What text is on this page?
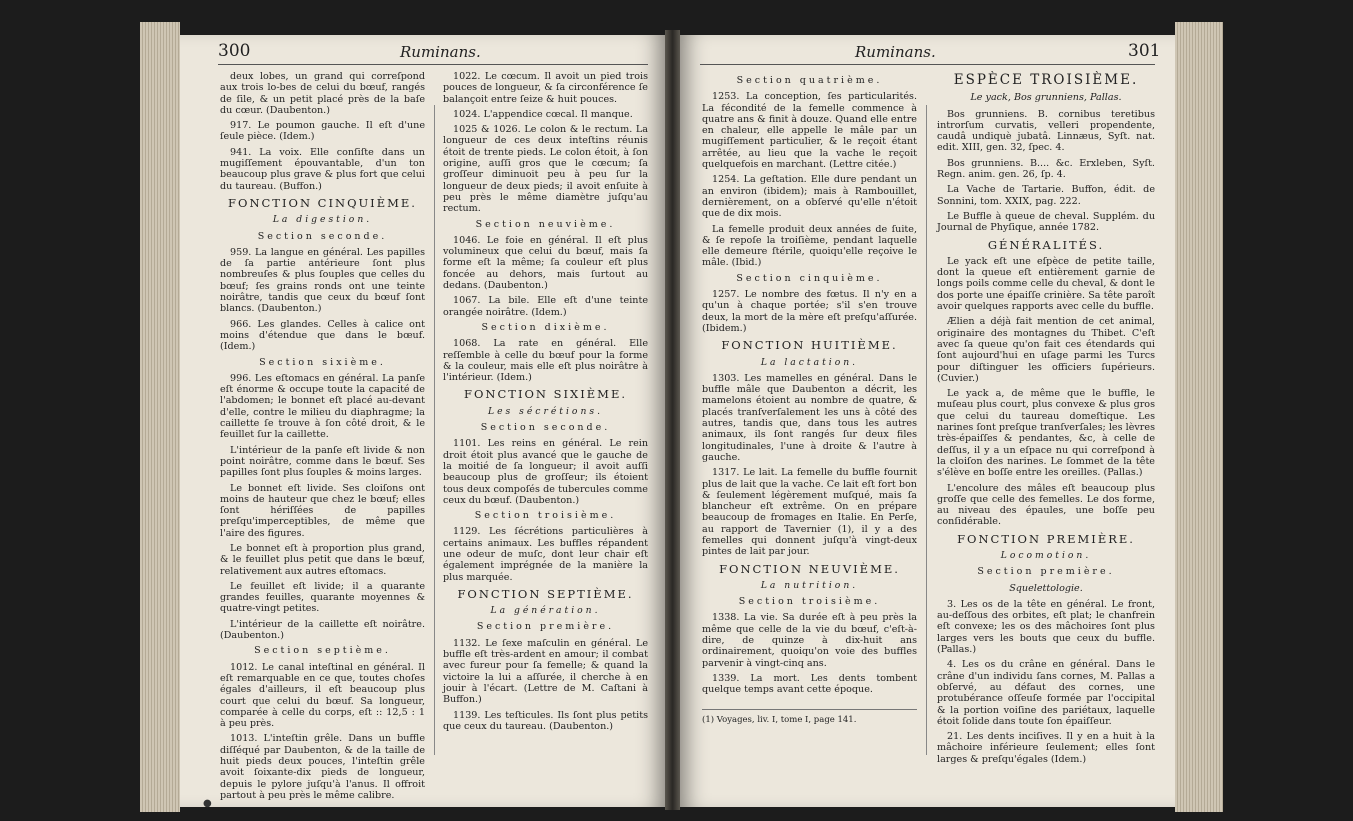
300	Ruminans.

deux lobes, un grand qui correſpond aux trois lo-bes de celui du bœuf, rangés de ſile, & un petit placé près de la baſe du cœur. (Daubenton.)

917. Le poumon gauche. Il eſt d'une ſeule pièce. (Idem.)

941. La voix. Elle conſiſte dans un mugiſſement épouvantable, d'un ton beaucoup plus grave & plus fort que celui du taureau. (Buffon.)

FONCTION CINQUIÈME.

La digestion.

Section seconde.

959. La langue en général. Les papilles de ſa partie antérieure ſont plus nombreuſes & plus ſouples que celles du bœuf; ſes grains ronds ont une teinte noirâtre, tandis que ceux du bœuf ſont blancs. (Daubenton.)

966. Les glandes. Celles à calice ont moins d'étendue que dans le bœuf. (Idem.)

Section sixième.

996. Les eſtomacs en général. La panſe eſt énorme & occupe toute la capacité de l'abdomen; le bonnet eſt placé au-devant d'elle, contre le milieu du diaphragme; la caillette ſe trouve à ſon côté droit, & le feuillet ſur la caillette.

L'intérieur de la panſe eſt livide & non point noirâtre, comme dans le bœuf. Ses papilles ſont plus ſouples & moins larges.

Le bonnet eſt livide. Ses cloiſons ont moins de hauteur que chez le bœuf; elles ſont hériſſées de papilles preſqu'imperceptibles, de même que l'aire des figures.

Le bonnet eſt à proportion plus grand, & le feuillet plus petit que dans le bœuf, relativement aux autres eſtomacs.

Le feuillet eſt livide; il a quarante grandes feuilles, quarante moyennes & quatre-vingt petites.

L'intérieur de la caillette eſt noirâtre. (Daubenton.)

Section septième.

1012. Le canal inteſtinal en général. Il eſt remarquable en ce que, toutes choſes égales d'ailleurs, il eſt beaucoup plus court que celui du bœuf. Sa longueur, comparée à celle du corps, eſt :: 12,5 : 1 à peu près.

1013. L'inteſtin grêle. Dans un buffle diſſéqué par Daubenton, & de la taille de huit pieds deux pouces, l'inteſtin grêle avoit ſoixante-dix pieds de longueur, depuis le pylore juſqu'à l'anus. Il offroit partout à peu près le même calibre.

1022. Le cœcum. Il avoit un pied trois pouces de longueur, & ſa circonférence ſe balançoit entre ſeize & huit pouces.

1024. L'appendice cœcal. Il manque.

1025 & 1026. Le colon & le rectum. La longueur de ces deux inteſtins réunis étoit de trente pieds. Le colon étoit, à ſon origine, auſſi gros que le cœcum; ſa groſſeur diminuoit peu à peu ſur la longueur de deux pieds; il avoit enſuite à peu près le même diamètre juſqu'au rectum.

Section neuvième.

1046. Le foie en général. Il eſt plus volumineux que celui du bœuf, mais ſa forme eſt la même; ſa couleur eſt plus foncée au dehors, mais ſurtout au dedans. (Daubenton.)

1067. La bile. Elle eſt d'une teinte orangée noirâtre. (Idem.)

Section dixième.

1068. La rate en général. Elle reſſemble à celle du bœuf pour la forme & la couleur, mais elle eſt plus noirâtre à l'intérieur. (Idem.)

FONCTION SIXIÈME.

Les sécrétions.

Section seconde.

1101. Les reins en général. Le rein droit étoit plus avancé que le gauche de la moitié de ſa longueur; il avoit auſſi beaucoup plus de groſſeur; ils étoient tous deux compoſés de tubercules comme ceux du bœuf. (Daubenton.)

Section troisième.

1129. Les ſécrétions particulières à certains animaux. Les buffles répandent une odeur de muſc, dont leur chair eſt également imprégnée de la manière la plus marquée.

FONCTION SEPTIÈME.

La génération.

Section première.

1132. Le ſexe maſculin en général. Le buffle eſt très-ardent en amour; il combat avec fureur pour ſa femelle; & quand la victoire la lui a aſſurée, il cherche à en jouir à l'écart. (Lettre de M. Caſtani à Buffon.)

1139. Les teſticules. Ils ſont plus petits que ceux du taureau. (Daubenton.)

Ruminans.	301

Section quatrième.

1253. La conception, ſes particularités. La fécondité de la femelle commence à quatre ans & finit à douze. Quand elle entre en chaleur, elle appelle le mâle par un mugiſſement particulier, & le reçoit étant arrêtée, au lieu que la vache le reçoit quelquefois en marchant. (Lettre citée.)

1254. La geſtation. Elle dure pendant un an environ (ibidem); mais à Rambouillet, dernièrement, on a obſervé qu'elle n'étoit que de dix mois.

La femelle produit deux années de ſuite, & ſe repoſe la troiſième, pendant laquelle elle demeure ſtérile, quoiqu'elle reçoive le mâle. (Ibid.)

Section cinquième.

1257. Le nombre des fœtus. Il n'y en a qu'un à chaque portée; s'il s'en trouve deux, la mort de la mère eſt preſqu'aſſurée. (Ibidem.)

FONCTION HUITIÈME.

La lactation.

1303. Les mamelles en général. Dans le buffle mâle que Daubenton a décrit, les mamelons étoient au nombre de quatre, & placés tranſverſalement les uns à côté des autres, tandis que, dans tous les autres animaux, ils ſont rangés ſur deux files longitudinales, l'une à droite & l'autre à gauche.

1317. Le lait. La femelle du buffle fournit plus de lait que la vache. Ce lait eſt fort bon & ſeulement légèrement muſqué, mais ſa blancheur eſt extrême. On en prépare beaucoup de fromages en Italie. En Perſe, au rapport de Tavernier (1), il y a des femelles qui donnent juſqu'à vingt-deux pintes de lait par jour.

FONCTION NEUVIÈME.

La nutrition.

Section troisième.

1338. La vie. Sa durée eſt à peu près la même que celle de la vie du bœuf, c'eſt-à-dire, de quinze à dix-huit ans ordinairement, quoiqu'on voie des buffles parvenir à vingt-cinq ans.

1339. La mort. Les dents tombent quelque temps avant cette époque.

ESPÈCE TROISIÈME.

Le yack, Bos grunniens, Pallas.

Bos grunniens. B. cornibus teretibus introrſum curvatis, velleri propendente, caudâ undiquè jubatâ. Linnæus, Syſt. nat. edit. XIII, gen. 32, ſpec. 4.

Bos grunniens. B.... &c. Erxleben, Syſt. Regn. anim. gen. 26, ſp. 4.

La Vache de Tartarie. Buffon, édit. de Sonnini, tom. XXIX, pag. 222.

Le Buffle à queue de cheval. Supplém. du Journal de Phyſique, année 1782.

GÉNÉRALITÉS.

Le yack eſt une eſpèce de petite taille, dont la queue eſt entièrement garnie de longs poils comme celle du cheval, & dont le dos porte une épaiſſe crinière. Sa tête paroît avoir quelques rapports avec celle du buffle.

Ælien a déjà fait mention de cet animal, originaire des montagnes du Thibet. C'eſt avec ſa queue qu'on fait ces étendards qui ſont aujourd'hui en uſage parmi les Turcs pour diſtinguer les officiers ſupérieurs. (Cuvier.)

Le yack a, de même que le buffle, le muſeau plus court, plus convexe & plus gros que celui du taureau domeſtique. Les narines ſont preſque tranſverſales; les lèvres très-épaiſſes & pendantes, &c, à celle de deſſus, il y a un eſpace nu qui correſpond à la cloiſon des narines. Le ſommet de la tête s'élève en boſſe entre les oreilles. (Pallas.)

L'encolure des mâles eſt beaucoup plus groſſe que celle des femelles. Le dos forme, au niveau des épaules, une boſſe peu conſidérable.

FONCTION PREMIÈRE.

Locomotion.

Section première.

Squelettologie.

3. Les os de la tête en général. Le front, au-deſſous des orbites, eſt plat; le chanfrein eſt convexe; les os des mâchoires ſont plus larges vers les bouts que ceux du buffle. (Pallas.)

4. Les os du crâne en général. Dans le crâne d'un individu ſans cornes, M. Pallas a obſervé, au défaut des cornes, une protubérance oſſeuſe formée par l'occipital & la portion voiſine des pariétaux, laquelle étoit ſolide dans toute ſon épaiſſeur.

21. Les dents inciſives. Il y en a huit à la mâchoire inférieure ſeulement; elles ſont larges & preſqu'égales (Idem.)

(1) Voyages, liv. I, tome I, page 141.
●
